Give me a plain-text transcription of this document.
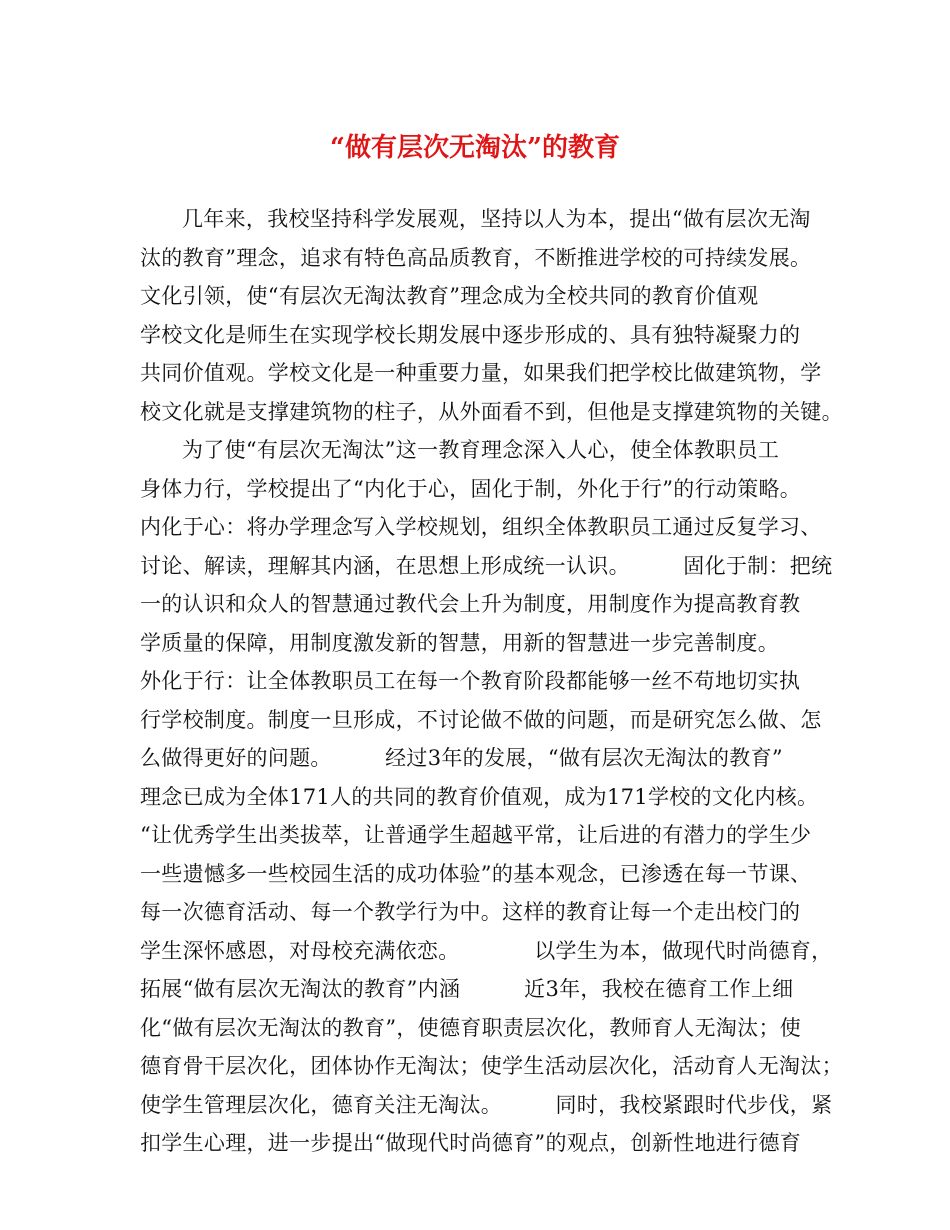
“做有层次无淘汰”的教育
几年来，我校坚持科学发展观，坚持以人为本，提出“做有层次无淘
汰的教育”理念，追求有特色高品质教育，不断推进学校的可持续发展。
文化引领，使“有层次无淘汰教育”理念成为全校共同的教育价值观
学校文化是师生在实现学校长期发展中逐步形成的、具有独特凝聚力的
共同价值观。学校文化是一种重要力量，如果我们把学校比做建筑物，学
校文化就是支撑建筑物的柱子，从外面看不到，但他是支撑建筑物的关键。
为了使“有层次无淘汰”这一教育理念深入人心，使全体教职员工
身体力行，学校提出了“内化于心，固化于制，外化于行”的行动策略。
内化于心：将办学理念写入学校规划，组织全体教职员工通过反复学习、
讨论、解读，理解其内涵，在思想上形成统一认识。　　　固化于制：把统
一的认识和众人的智慧通过教代会上升为制度，用制度作为提高教育教
学质量的保障，用制度激发新的智慧，用新的智慧进一步完善制度。
外化于行：让全体教职员工在每一个教育阶段都能够一丝不苟地切实执
行学校制度。制度一旦形成，不讨论做不做的问题，而是研究怎么做、怎
么做得更好的问题。　　　经过3年的发展，“做有层次无淘汰的教育”
理念已成为全体171人的共同的教育价值观，成为171学校的文化内核。
“让优秀学生出类拔萃，让普通学生超越平常，让后进的有潜力的学生少
一些遗憾多一些校园生活的成功体验”的基本观念，已渗透在每一节课、
每一次德育活动、每一个教学行为中。这样的教育让每一个走出校门的
学生深怀感恩，对母校充满依恋。　　　　以学生为本，做现代时尚德育，
拓展“做有层次无淘汰的教育”内涵　　　近3年，我校在德育工作上细
化“做有层次无淘汰的教育”，使德育职责层次化，教师育人无淘汰；使
德育骨干层次化，团体协作无淘汰；使学生活动层次化，活动育人无淘汰；
使学生管理层次化，德育关注无淘汰。　　　同时，我校紧跟时代步伐，紧
扣学生心理，进一步提出“做现代时尚德育”的观点，创新性地进行德育
